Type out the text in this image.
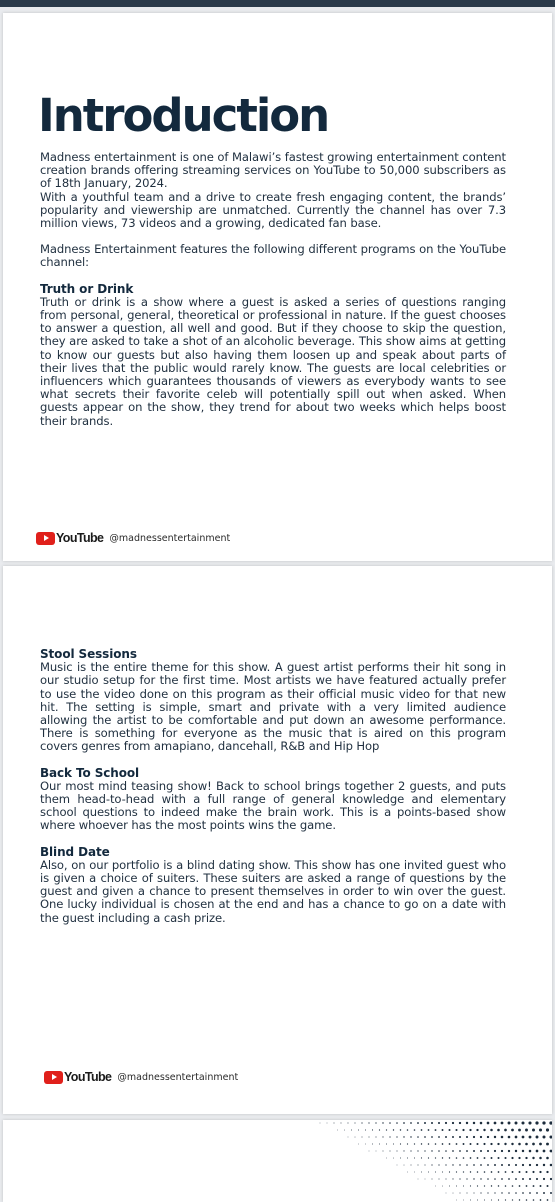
Introduction

Madness entertainment is one of Malawi’s fastest growing entertainment content creation brands offering streaming services on YouTube to 50,000 subscribers as of 18th January, 2024.

With a youthful team and a drive to create fresh engaging content, the brands’ popularity and viewership are unmatched. Currently the channel has over 7.3 million views, 73 videos and a growing, dedicated fan base.

Madness Entertainment features the following different programs on the YouTube channel:

Truth or Drink

Truth or drink is a show where a guest is asked a series of questions ranging from personal, general, theoretical or professional in nature. If the guest chooses to answer a question, all well and good. But if they choose to skip the question, they are asked to take a shot of an alcoholic beverage. This show aims at getting to know our guests but also having them loosen up and speak about parts of their lives that the public would rarely know. The guests are local celebrities or influencers which guarantees thousands of viewers as everybody wants to see what secrets their favorite celeb will potentially spill out when asked. When guests appear on the show, they trend for about two weeks which helps boost their brands.

YouTube @madnessentertainment

Stool Sessions

Music is the entire theme for this show. A guest artist performs their hit song in our studio setup for the first time. Most artists we have featured actually prefer to use the video done on this program as their official music video for that new hit. The setting is simple, smart and private with a very limited audience allowing the artist to be comfortable and put down an awesome performance. There is something for everyone as the music that is aired on this program covers genres from amapiano, dancehall, R&B and Hip Hop

Back To School

Our most mind teasing show! Back to school brings together 2 guests, and puts them head-to-head with a full range of general knowledge and elementary school questions to indeed make the brain work. This is a points-based show where whoever has the most points wins the game.

Blind Date

Also, on our portfolio is a blind dating show. This show has one invited guest who is given a choice of suiters. These suiters are asked a range of questions by the guest and given a chance to present themselves in order to win over the guest. One lucky individual is chosen at the end and has a chance to go on a date with the guest including a cash prize.

YouTube @madnessentertainment
